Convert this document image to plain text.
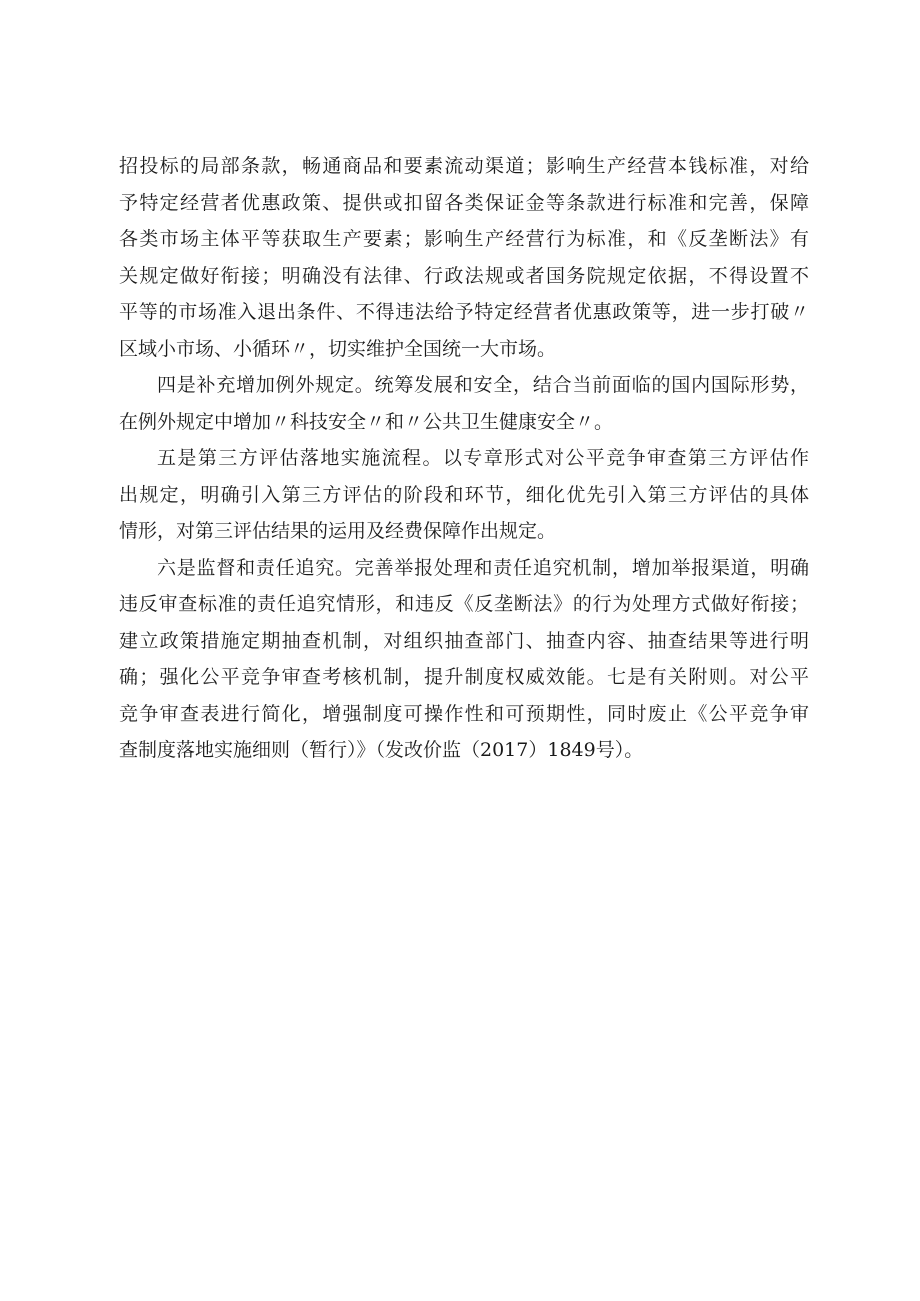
招投标的局部条款，畅通商品和要素流动渠道；影响生产经营本钱标准，对给
予特定经营者优惠政策、提供或扣留各类保证金等条款进行标准和完善，保障
各类市场主体平等获取生产要素；影响生产经营行为标准，和《反垄断法》有
关规定做好衔接；明确没有法律、行政法规或者国务院规定依据，不得设置不
平等的市场准入退出条件、不得违法给予特定经营者优惠政策等，进一步打破〃
区域小市场、小循环〃，切实维护全国统一大市场。
四是补充增加例外规定。统筹发展和安全，结合当前面临的国内国际形势，
在例外规定中增加〃科技安全〃和〃公共卫生健康安全〃。
五是第三方评估落地实施流程。以专章形式对公平竞争审查第三方评估作
出规定，明确引入第三方评估的阶段和环节，细化优先引入第三方评估的具体
情形，对第三评估结果的运用及经费保障作出规定。
六是监督和责任追究。完善举报处理和责任追究机制，增加举报渠道，明确
违反审查标准的责任追究情形，和违反《反垄断法》的行为处理方式做好衔接；
建立政策措施定期抽查机制，对组织抽查部门、抽查内容、抽查结果等进行明
确；强化公平竞争审查考核机制，提升制度权威效能。七是有关附则。对公平
竞争审查表进行简化，增强制度可操作性和可预期性，同时废止《公平竞争审
查制度落地实施细则（暂行）》（发改价监（2017）1849号）。
